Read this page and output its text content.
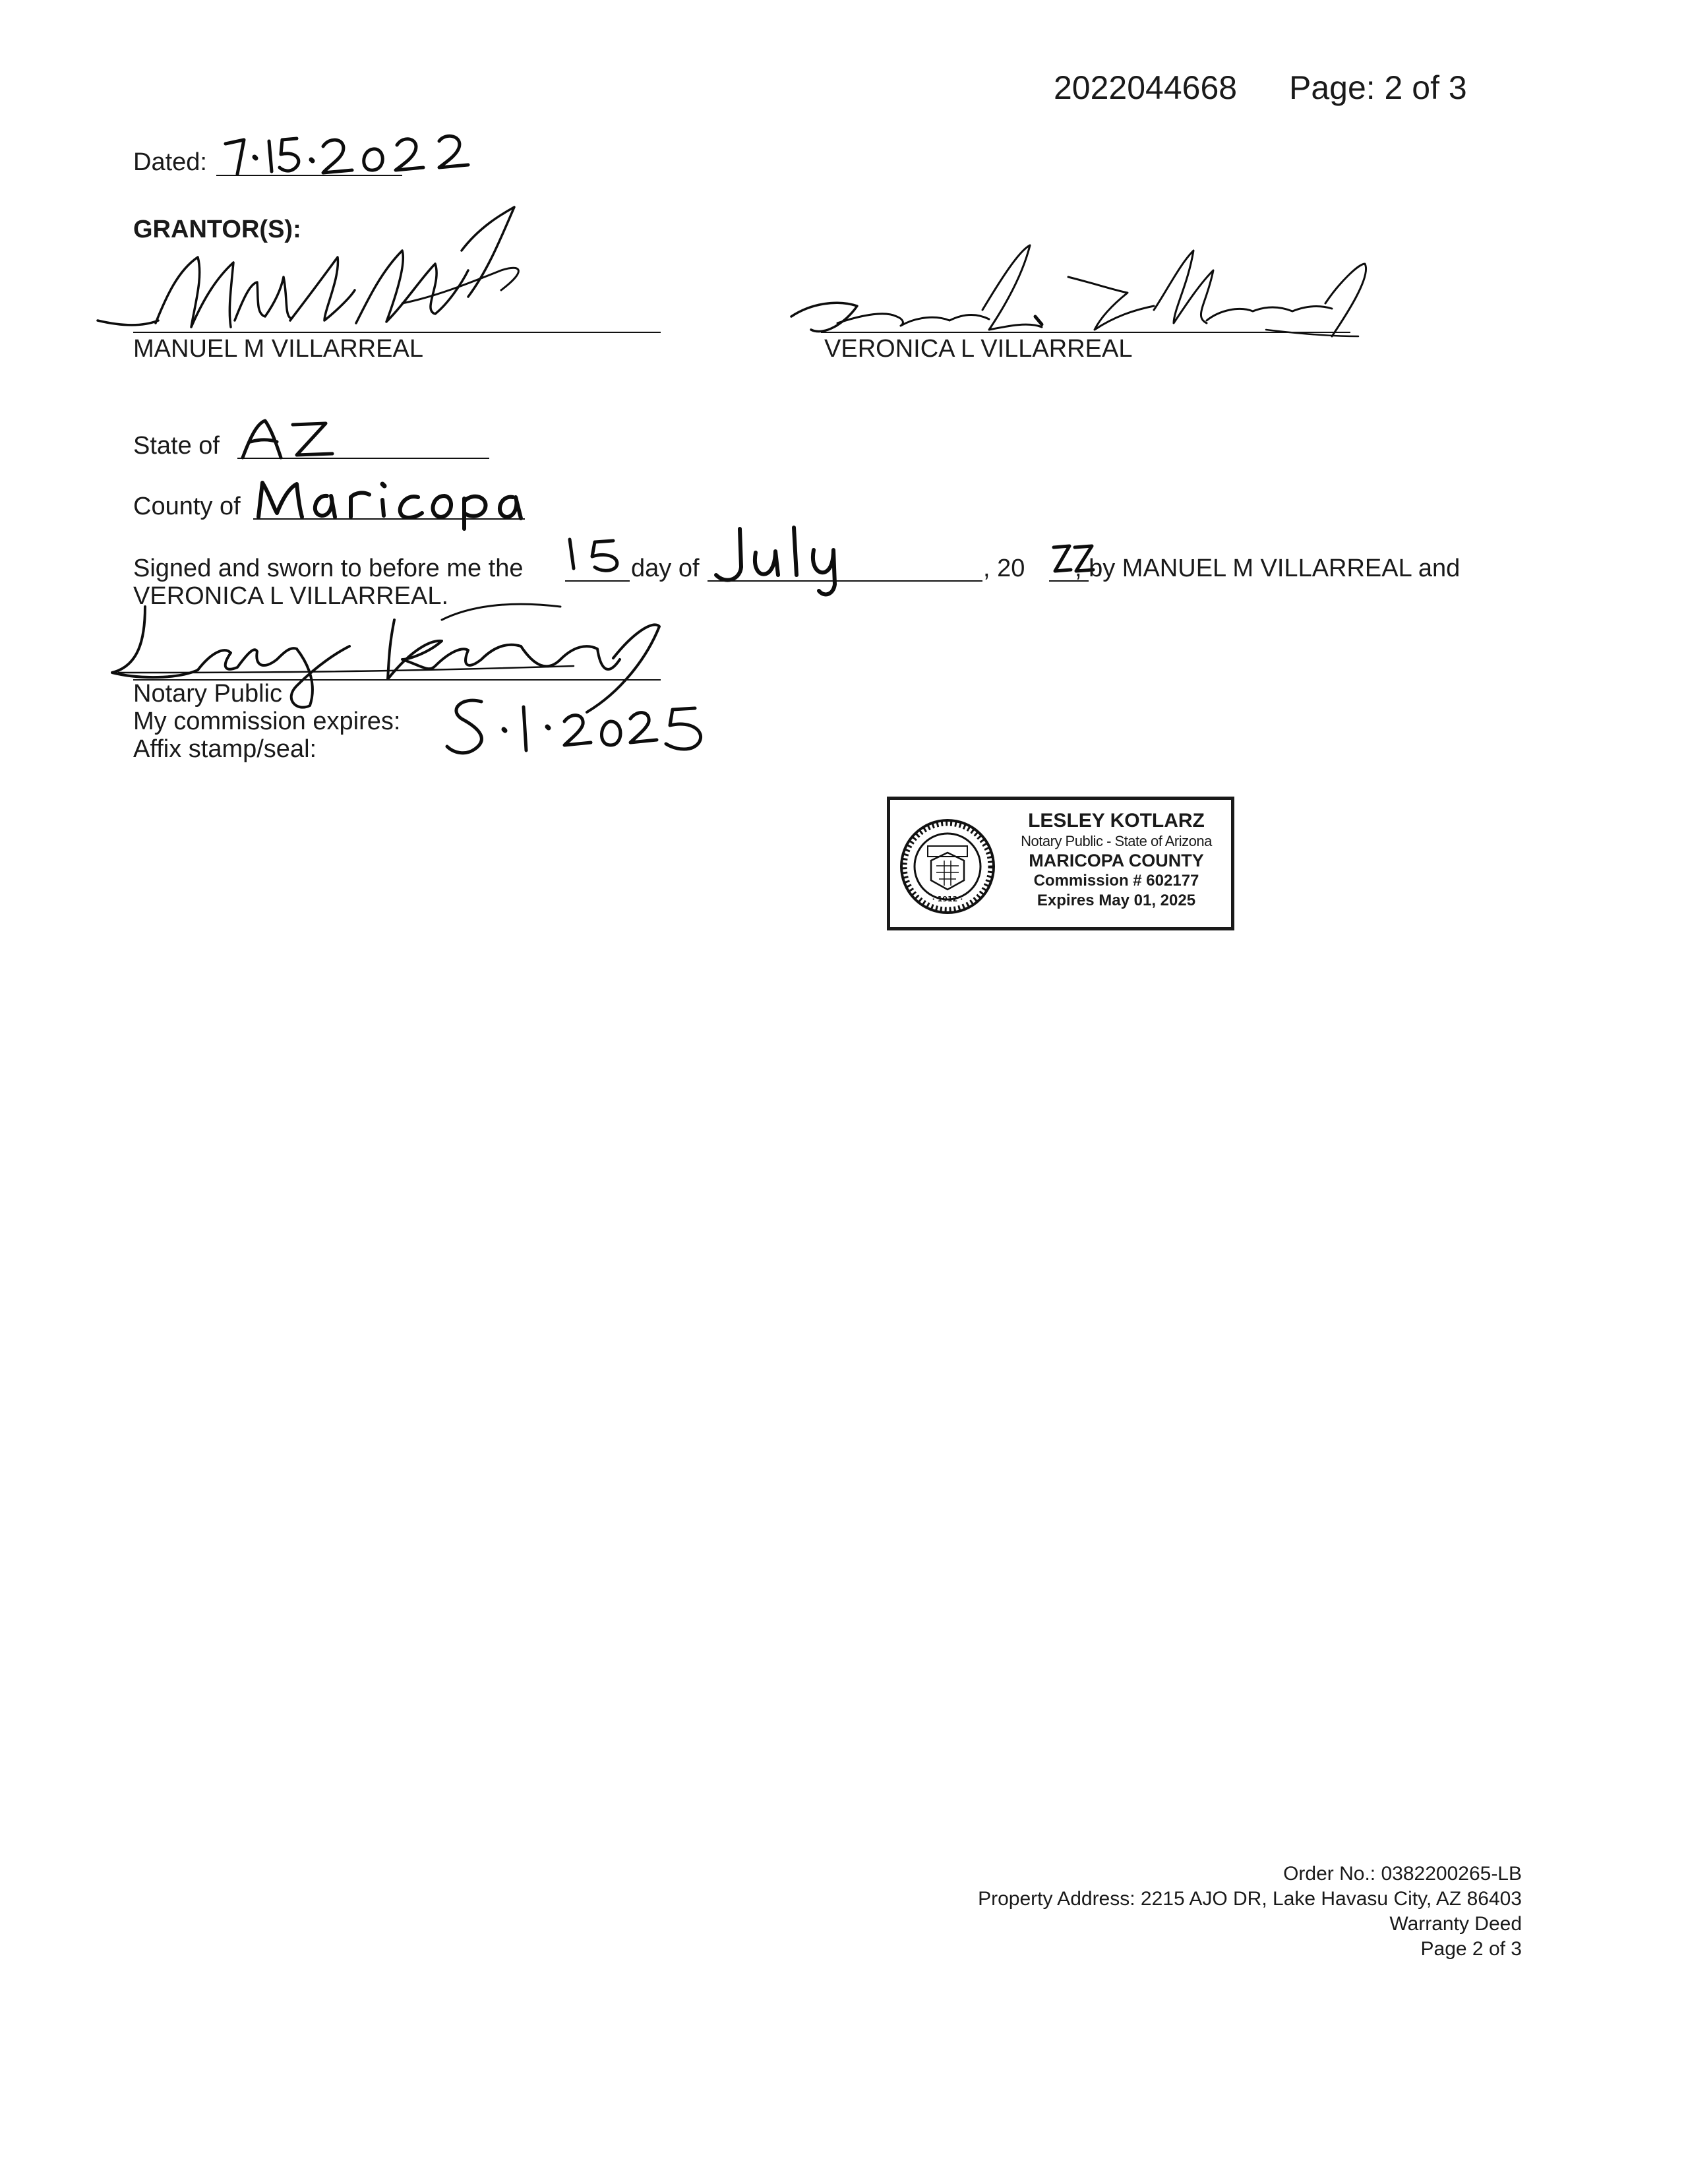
2022044668 Page: 2 of 3
Dated:
GRANTOR(S):
MANUEL M VILLARREAL	VERONICA L VILLARREAL
State of
County of
Signed and sworn to before me the	day of	, 20 , by MANUEL M VILLARREAL and
VERONICA L VILLARREAL.
Notary Public
My commission expires:
Affix stamp/seal:
· 1912 ·
LESLEY KOTLARZ
Notary Public - State of Arizona
MARICOPA COUNTY
Commission # 602177
Expires May 01, 2025
Order No.: 0382200265-LB
Property Address: 2215 AJO DR, Lake Havasu City, AZ 86403
Warranty Deed
Page 2 of 3
